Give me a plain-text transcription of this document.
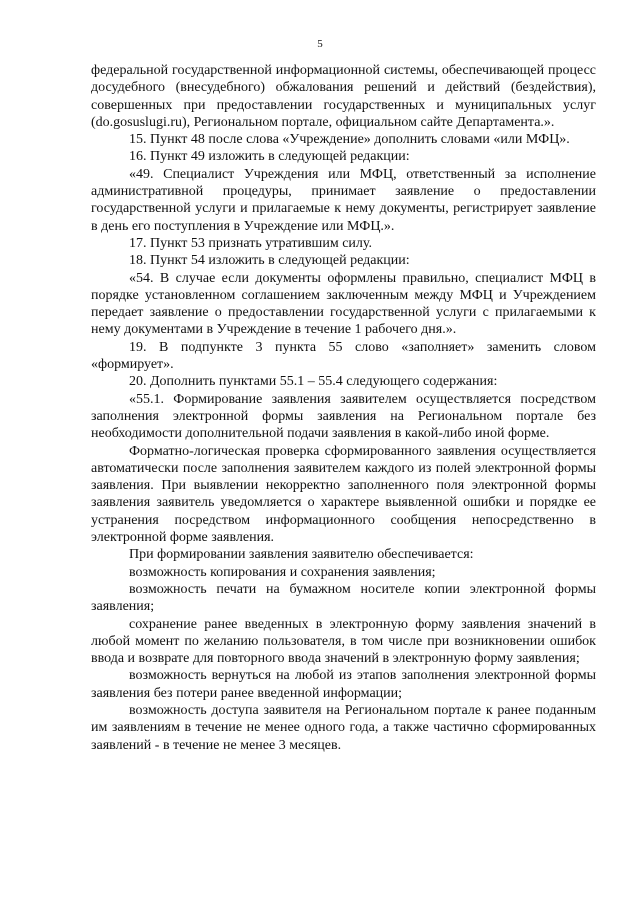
5

федеральной государственной информационной системы, обеспечивающей процесс досудебного (внесудебного) обжалования решений и действий (бездействия), совершенных при предоставлении государственных и муниципальных услуг (do.gosuslugi.ru), Региональном портале, официальном сайте Департамента.».

15. Пункт 48 после слова «Учреждение» дополнить словами «или МФЦ».

16. Пункт 49 изложить в следующей редакции:

«49. Специалист Учреждения или МФЦ, ответственный за исполнение административной процедуры, принимает заявление о предоставлении государственной услуги и прилагаемые к нему документы, регистрирует заявление в день его поступления в Учреждение или МФЦ.».

17. Пункт 53 признать утратившим силу.

18. Пункт 54 изложить в следующей редакции:

«54. В случае если документы оформлены правильно, специалист МФЦ в порядке установленном соглашением заключенным между МФЦ и Учреждением передает заявление о предоставлении государственной услуги с прилагаемыми к нему документами в Учреждение в течение 1 рабочего дня.».

19. В подпункте 3 пункта 55 слово «заполняет» заменить словом «формирует».

20. Дополнить пунктами 55.1 – 55.4 следующего содержания:

«55.1. Формирование заявления заявителем осуществляется посредством заполнения электронной формы заявления на Региональном портале без необходимости дополнительной подачи заявления в какой-либо иной форме.

Форматно-логическая проверка сформированного заявления осуществляется автоматически после заполнения заявителем каждого из полей электронной формы заявления. При выявлении некорректно заполненного поля электронной формы заявления заявитель уведомляется о характере выявленной ошибки и порядке ее устранения посредством информационного сообщения непосредственно в электронной форме заявления.

При формировании заявления заявителю обеспечивается:

возможность копирования и сохранения заявления;

возможность печати на бумажном носителе копии электронной формы заявления;

сохранение ранее введенных в электронную форму заявления значений в любой момент по желанию пользователя, в том числе при возникновении ошибок ввода и возврате для повторного ввода значений в электронную форму заявления;

возможность вернуться на любой из этапов заполнения электронной формы заявления без потери ранее введенной информации;

возможность доступа заявителя на Региональном портале к ранее поданным им заявлениям в течение не менее одного года, а также частично сформированных заявлений - в течение не менее 3 месяцев.
